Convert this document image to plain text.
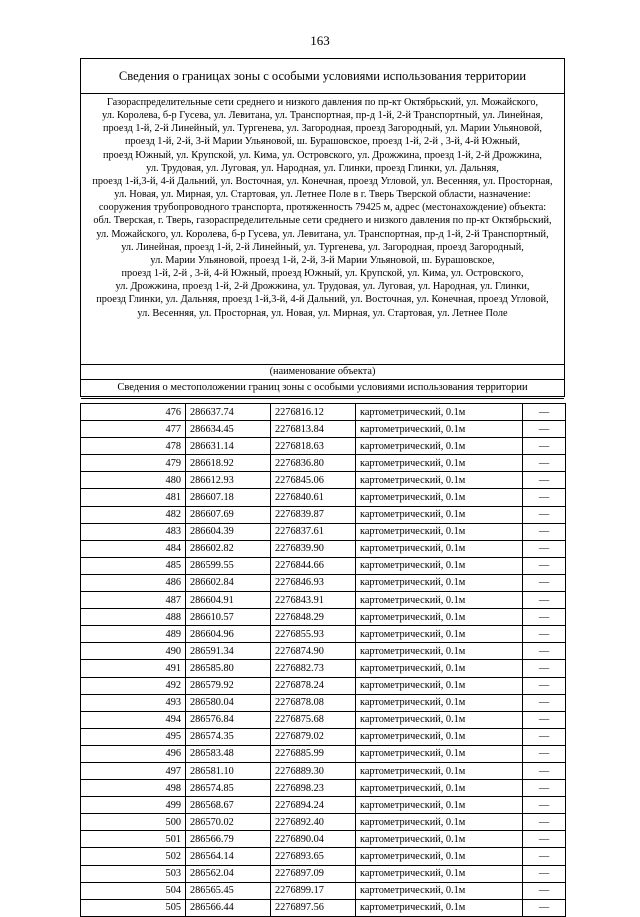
163
Сведения о границах зоны с особыми условиями использования территории
Газораспределительные сети среднего и низкого давления по пр-кт Октябрьский, ул. Можайского,
ул. Королева, б-р Гусева, ул. Левитана, ул. Транспортная, пр-д 1-й, 2-й Транспортный, ул. Линейная,
проезд 1-й, 2-й Линейный, ул. Тургенева, ул. Загородная, проезд Загородный, ул. Марии Ульяновой,
проезд 1-й, 2-й, 3-й Марии Ульяновой, ш. Бурашовское, проезд 1-й, 2-й , 3-й, 4-й Южный,
проезд Южный, ул. Крупской, ул. Кима, ул. Островского, ул. Дрожжина, проезд 1-й, 2-й Дрожжина,
ул. Трудовая, ул. Луговая, ул. Народная, ул. Глинки, проезд Глинки, ул. Дальняя,
проезд 1-й,3-й, 4-й Дальний, ул. Восточная, ул. Конечная, проезд Угловой, ул. Весенняя, ул. Просторная,
ул. Новая, ул. Мирная, ул. Стартовая, ул. Летнее Поле в г. Тверь Тверской области, назначение:
сооружения трубопроводного транспорта, протяженность 79425 м, адрес (местонахождение) объекта:
обл. Тверская, г. Тверь, газораспределительные сети среднего и низкого давления по пр-кт Октябрьский,
ул. Можайского, ул. Королева, б-р Гусева, ул. Левитана, ул. Транспортная, пр-д 1-й, 2-й Транспортный,
ул. Линейная, проезд 1-й, 2-й Линейный, ул. Тургенева, ул. Загородная, проезд Загородный,
ул. Марии Ульяновой, проезд 1-й, 2-й, 3-й Марии Ульяновой, ш. Бурашовское,
проезд 1-й, 2-й , 3-й, 4-й Южный, проезд Южный, ул. Крупской, ул. Кима, ул. Островского,
ул. Дрожжина, проезд 1-й, 2-й Дрожжина, ул. Трудовая, ул. Луговая, ул. Народная, ул. Глинки,
проезд Глинки, ул. Дальняя, проезд 1-й,3-й, 4-й Дальний, ул. Восточная, ул. Конечная, проезд Угловой,
ул. Весенняя, ул. Просторная, ул. Новая, ул. Мирная, ул. Стартовая, ул. Летнее Поле
(наименование объекта)
Сведения о местоположении границ зоны с особыми условиями использования территории
476	286637.74	2276816.12	картометрический, 0.1м	—
477	286634.45	2276813.84	картометрический, 0.1м	—
478	286631.14	2276818.63	картометрический, 0.1м	—
479	286618.92	2276836.80	картометрический, 0.1м	—
480	286612.93	2276845.06	картометрический, 0.1м	—
481	286607.18	2276840.61	картометрический, 0.1м	—
482	286607.69	2276839.87	картометрический, 0.1м	—
483	286604.39	2276837.61	картометрический, 0.1м	—
484	286602.82	2276839.90	картометрический, 0.1м	—
485	286599.55	2276844.66	картометрический, 0.1м	—
486	286602.84	2276846.93	картометрический, 0.1м	—
487	286604.91	2276843.91	картометрический, 0.1м	—
488	286610.57	2276848.29	картометрический, 0.1м	—
489	286604.96	2276855.93	картометрический, 0.1м	—
490	286591.34	2276874.90	картометрический, 0.1м	—
491	286585.80	2276882.73	картометрический, 0.1м	—
492	286579.92	2276878.24	картометрический, 0.1м	—
493	286580.04	2276878.08	картометрический, 0.1м	—
494	286576.84	2276875.68	картометрический, 0.1м	—
495	286574.35	2276879.02	картометрический, 0.1м	—
496	286583.48	2276885.99	картометрический, 0.1м	—
497	286581.10	2276889.30	картометрический, 0.1м	—
498	286574.85	2276898.23	картометрический, 0.1м	—
499	286568.67	2276894.24	картометрический, 0.1м	—
500	286570.02	2276892.40	картометрический, 0.1м	—
501	286566.79	2276890.04	картометрический, 0.1м	—
502	286564.14	2276893.65	картометрический, 0.1м	—
503	286562.04	2276897.09	картометрический, 0.1м	—
504	286565.45	2276899.17	картометрический, 0.1м	—
505	286566.44	2276897.56	картометрический, 0.1м	—
